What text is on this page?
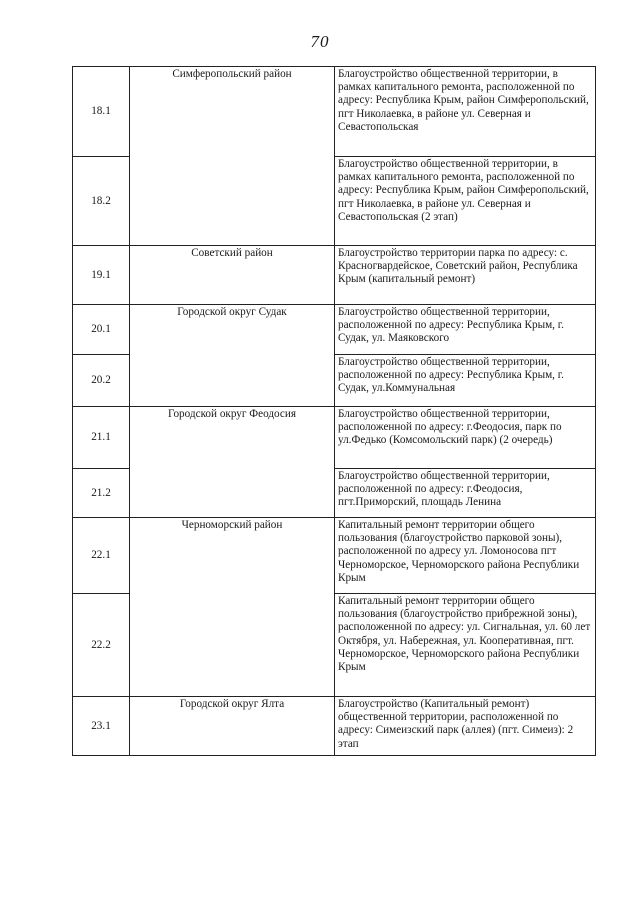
70
18.1	Симферопольский район	Благоустройство общественной территории, в рамках капитального ремонта, расположенной по адресу: Республика Крым, район Симферопольский, пгт Николаевка, в районе ул. Северная и Севастопольская
18.2		Благоустройство общественной территории, в рамках капитального ремонта, расположенной по адресу: Республика Крым, район Симферопольский, пгт Николаевка, в районе ул. Северная и Севастопольская (2 этап)
19.1	Советский район	Благоустройство территории парка по адресу: с. Красногвардейское, Советский район, Республика Крым (капитальный ремонт)
20.1	Городской округ Судак	Благоустройство общественной территории, расположенной по адресу: Республика Крым, г. Судак, ул. Маяковского
20.2		Благоустройство общественной территории, расположенной по адресу: Республика Крым, г. Судак, ул.Коммунальная
21.1	Городской округ Феодосия	Благоустройство общественной территории, расположенной по адресу: г.Феодосия, парк по ул.Федько (Комсомольский парк) (2 очередь)
21.2		Благоустройство общественной территории, расположенной по адресу: г.Феодосия, пгт.Приморский, площадь Ленина
22.1	Черноморский район	Капитальный ремонт территории общего пользования (благоустройство парковой зоны), расположенной по адресу ул. Ломоносова пгт Черноморское, Черноморского района Республики Крым
22.2		Капитальный ремонт территории общего пользования (благоустройство прибрежной зоны), расположенной по адресу: ул. Сигнальная, ул. 60 лет Октября, ул. Набережная, ул. Кооперативная, пгт. Черноморское, Черноморского района Республики Крым
23.1	Городской округ Ялта	Благоустройство (Капитальный ремонт) общественной территории, расположенной по адресу: Симеизский парк (аллея) (пгт. Симеиз): 2 этап
